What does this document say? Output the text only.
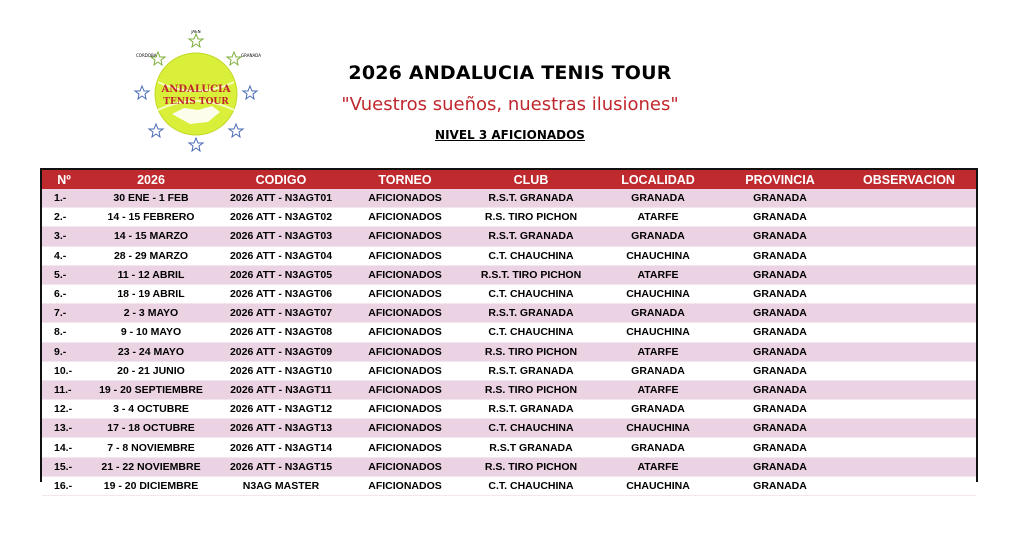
ANDALUCIA
TENIS TOUR
JAEN
CORDOBA	GRANADA
2026 ANDALUCIA TENIS TOUR
"Vuestros sueños, nuestras ilusiones"
NIVEL 3 AFICIONADOS
Nº	2026	CODIGO	TORNEO	CLUB	LOCALIDAD	PROVINCIA	OBSERVACION
1.-	30 ENE - 1 FEB	2026 ATT - N3AGT01	AFICIONADOS	R.S.T. GRANADA	GRANADA	GRANADA	
2.-	14 - 15 FEBRERO	2026 ATT - N3AGT02	AFICIONADOS	R.S. TIRO PICHON	ATARFE	GRANADA	
3.-	14 - 15 MARZO	2026 ATT - N3AGT03	AFICIONADOS	R.S.T. GRANADA	GRANADA	GRANADA	
4.-	28 - 29 MARZO	2026 ATT - N3AGT04	AFICIONADOS	C.T. CHAUCHINA	CHAUCHINA	GRANADA	
5.-	11 - 12 ABRIL	2026 ATT - N3AGT05	AFICIONADOS	R.S.T. TIRO PICHON	ATARFE	GRANADA	
6.-	18 - 19 ABRIL	2026 ATT - N3AGT06	AFICIONADOS	C.T. CHAUCHINA	CHAUCHINA	GRANADA	
7.-	2 - 3 MAYO	2026 ATT - N3AGT07	AFICIONADOS	R.S.T. GRANADA	GRANADA	GRANADA	
8.-	9 - 10 MAYO	2026 ATT - N3AGT08	AFICIONADOS	C.T. CHAUCHINA	CHAUCHINA	GRANADA	
9.-	23 - 24 MAYO	2026 ATT - N3AGT09	AFICIONADOS	R.S. TIRO PICHON	ATARFE	GRANADA	
10.-	20 - 21 JUNIO	2026 ATT - N3AGT10	AFICIONADOS	R.S.T. GRANADA	GRANADA	GRANADA	
11.-	19 - 20 SEPTIEMBRE	2026 ATT - N3AGT11	AFICIONADOS	R.S. TIRO PICHON	ATARFE	GRANADA	
12.-	3 - 4 OCTUBRE	2026 ATT - N3AGT12	AFICIONADOS	R.S.T. GRANADA	GRANADA	GRANADA	
13.-	17 - 18 OCTUBRE	2026 ATT - N3AGT13	AFICIONADOS	C.T. CHAUCHINA	CHAUCHINA	GRANADA	
14.-	7 - 8 NOVIEMBRE	2026 ATT - N3AGT14	AFICIONADOS	R.S.T GRANADA	GRANADA	GRANADA	
15.-	21 - 22 NOVIEMBRE	2026 ATT - N3AGT15	AFICIONADOS	R.S. TIRO PICHON	ATARFE	GRANADA	
16.-	19 - 20 DICIEMBRE	N3AG MASTER	AFICIONADOS	C.T. CHAUCHINA	CHAUCHINA	GRANADA	
